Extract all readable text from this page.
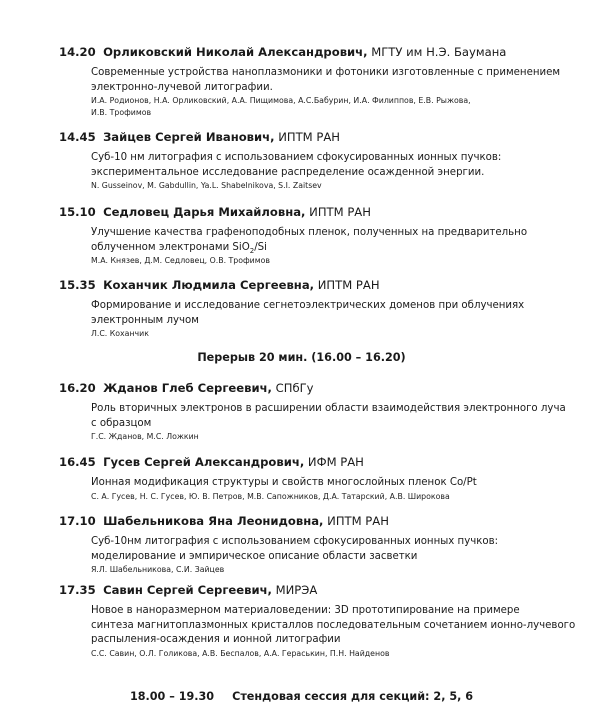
14.20 Орликовский Николай Александрович, МГТУ им Н.Э. Баумана
Современные устройства наноплазмоники и фотоники изготовленные с применением
электронно-лучевой литографии.
И.А. Родионов, Н.А. Орликовский, А.А. Пищимова, А.С.Бабурин, И.А. Филиппов, Е.В. Рыжова,
И.В. Трофимов
14.45 Зайцев Сергей Иванович, ИПТМ РАН
Суб-10 нм литография с использованием сфокусированных ионных пучков:
экспериментальное исследование распределение осажденной энергии.
N. Gusseinov, M. Gabdullin, Ya.L. Shabelnikova, S.I. Zaitsev
15.10 Седловец Дарья Михайловна, ИПТМ РАН
Улучшение качества графеноподобных пленок, полученных на предварительно
облученном электронами SiO$_2$/Si
М.А. Князев, Д.М. Седловец, О.В. Трофимов
15.35 Коханчик Людмила Сергеевна, ИПТМ РАН
Формирование и исследование сегнетоэлектрических доменов при облучениях
электронным лучом
Л.С. Коханчик
Перерыв 20 мин. (16.00 – 16.20)
16.20 Жданов Глеб Сергеевич, СПбГу
Роль вторичных электронов в расширении области взаимодействия электронного луча
с образцом
Г.С. Жданов, М.С. Ложкин
16.45 Гусев Сергей Александрович, ИФМ РАН
Ионная модификация структуры и свойств многослойных пленок Co/Pt
С. А. Гусев, Н. С. Гусев, Ю. В. Петров, М.В. Сапожников, Д.А. Татарский, А.В. Широкова
17.10 Шабельникова Яна Леонидовна, ИПТМ РАН
Суб-10нм литография с использованием сфокусированных ионных пучков:
моделирование и эмпирическое описание области засветки
Я.Л. Шабельникова, С.И. Зайцев
17.35 Савин Сергей Сергеевич, МИРЭА
Новое в наноразмерном материаловедении: 3D прототипирование на примере
синтеза магнитоплазмонных кристаллов последовательным сочетанием ионно-лучевого
распыления-осаждения и ионной литографии
С.С. Савин, О.Л. Голикова, А.В. Беспалов, А.А. Гераськин, П.Н. Найденов
18.00 – 19.30 Стендовая сессия для секций: 2, 5, 6
